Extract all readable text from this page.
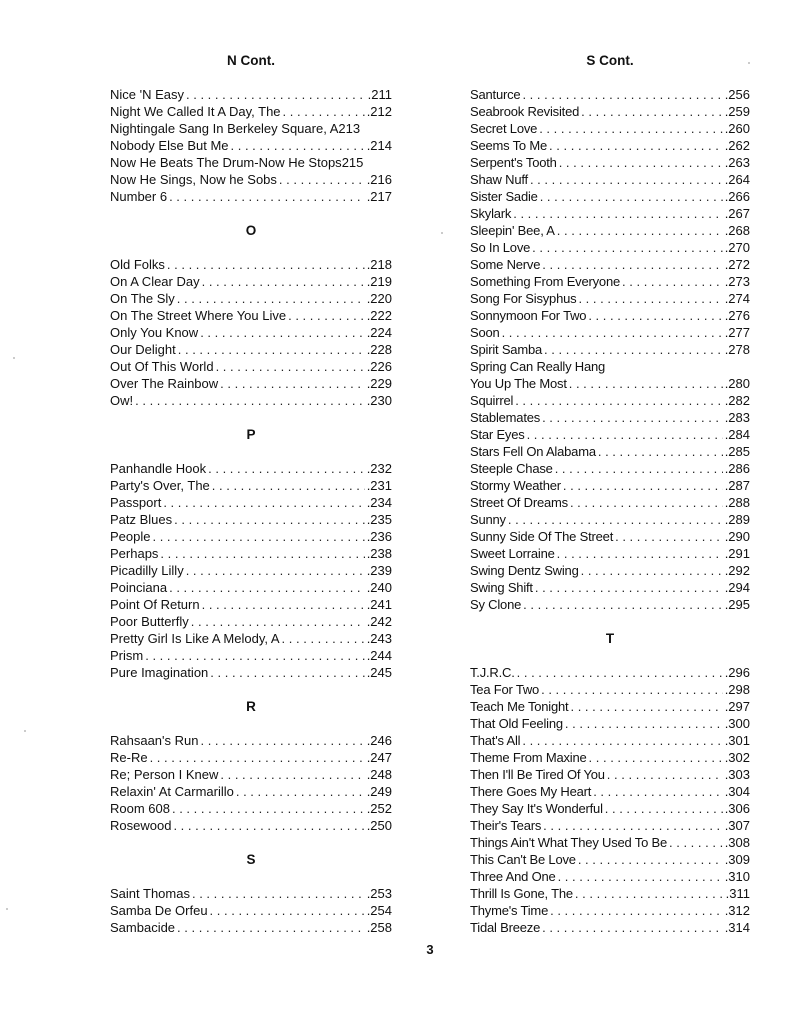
N Cont.
Nice 'N Easy . . .	.211
Night We Called It A Day, The . . .	.212
Nightingale Sang In Berkeley Square, A 213
Nobody Else But Me . . .	.214
Now He Beats The Drum-Now He Stops 215
Now He Sings, Now he Sobs . . .	.216
Number 6 . . .	.217
O
Old Folks . . .	.218
On A Clear Day . . .	.219
On The Sly . . .	.220
On The Street Where You Live . . .	.222
Only You Know . . .	.224
Our Delight . . .	.228
Out Of This World . . .	.226
Over The Rainbow . . .	.229
Ow! . . .	.230
P
Panhandle Hook . . .	.232
Party's Over, The . . .	.231
Passport . . .	.234
Patz Blues . . .	.235
People . . .	.236
Perhaps . . .	.238
Picadilly Lilly . . .	.239
Poinciana . . .	.240
Point Of Return . . .	.241
Poor Butterfly . . .	.242
Pretty Girl Is Like A Melody, A . . .	.243
Prism . . .	.244
Pure Imagination . . .	.245
R
Rahsaan's Run . . .	.246
Re-Re . . .	.247
Re; Person I Knew . . .	.248
Relaxin' At Carmarillo . . .	.249
Room 608 . . .	.252
Rosewood . . .	.250
S
Saint Thomas . . .	.253
Samba De Orfeu . . .	.254
Sambacide . . .	.258
S Cont.
Santurce . . .	.256
Seabrook Revisited . . .	.259
Secret Love . . .	.260
Seems To Me . . .	.262
Serpent's Tooth . . .	.263
Shaw Nuff . . .	.264
Sister Sadie . . .	.266
Skylark . . .	.267
Sleepin' Bee, A . . .	.268
So In Love . . .	.270
Some Nerve . . .	.272
Something From Everyone . . .	.273
Song For Sisyphus . . .	.274
Sonnymoon For Two . . .	.276
Soon . . .	.277
Spirit Samba . . .	.278
Spring Can Really Hang
You Up The Most . . .	.280
Squirrel . . .	.282
Stablemates . . .	.283
Star Eyes . . .	.284
Stars Fell On Alabama . . .	.285
Steeple Chase . . .	.286
Stormy Weather . . .	.287
Street Of Dreams . . .	.288
Sunny . . .	.289
Sunny Side Of The Street . . .	.290
Sweet Lorraine . . .	.291
Swing Dentz Swing . . .	.292
Swing Shift . . .	.294
Sy Clone . . .	.295
T
T.J.R.C. . . .	.296
Tea For Two . . .	.298
Teach Me Tonight . . .	.297
That Old Feeling . . .	.300
That's All . . .	.301
Theme From Maxine . . .	.302
Then I'll Be Tired Of You . . .	.303
There Goes My Heart . . .	.304
They Say It's Wonderful . . .	.306
Their's Tears . . .	.307
Things Ain't What They Used To Be . . .	.308
This Can't Be Love . . .	.309
Three And One . . .	.310
Thrill Is Gone, The . . .	.311
Thyme's Time . . .	.312
Tidal Breeze . . .	.314
3
